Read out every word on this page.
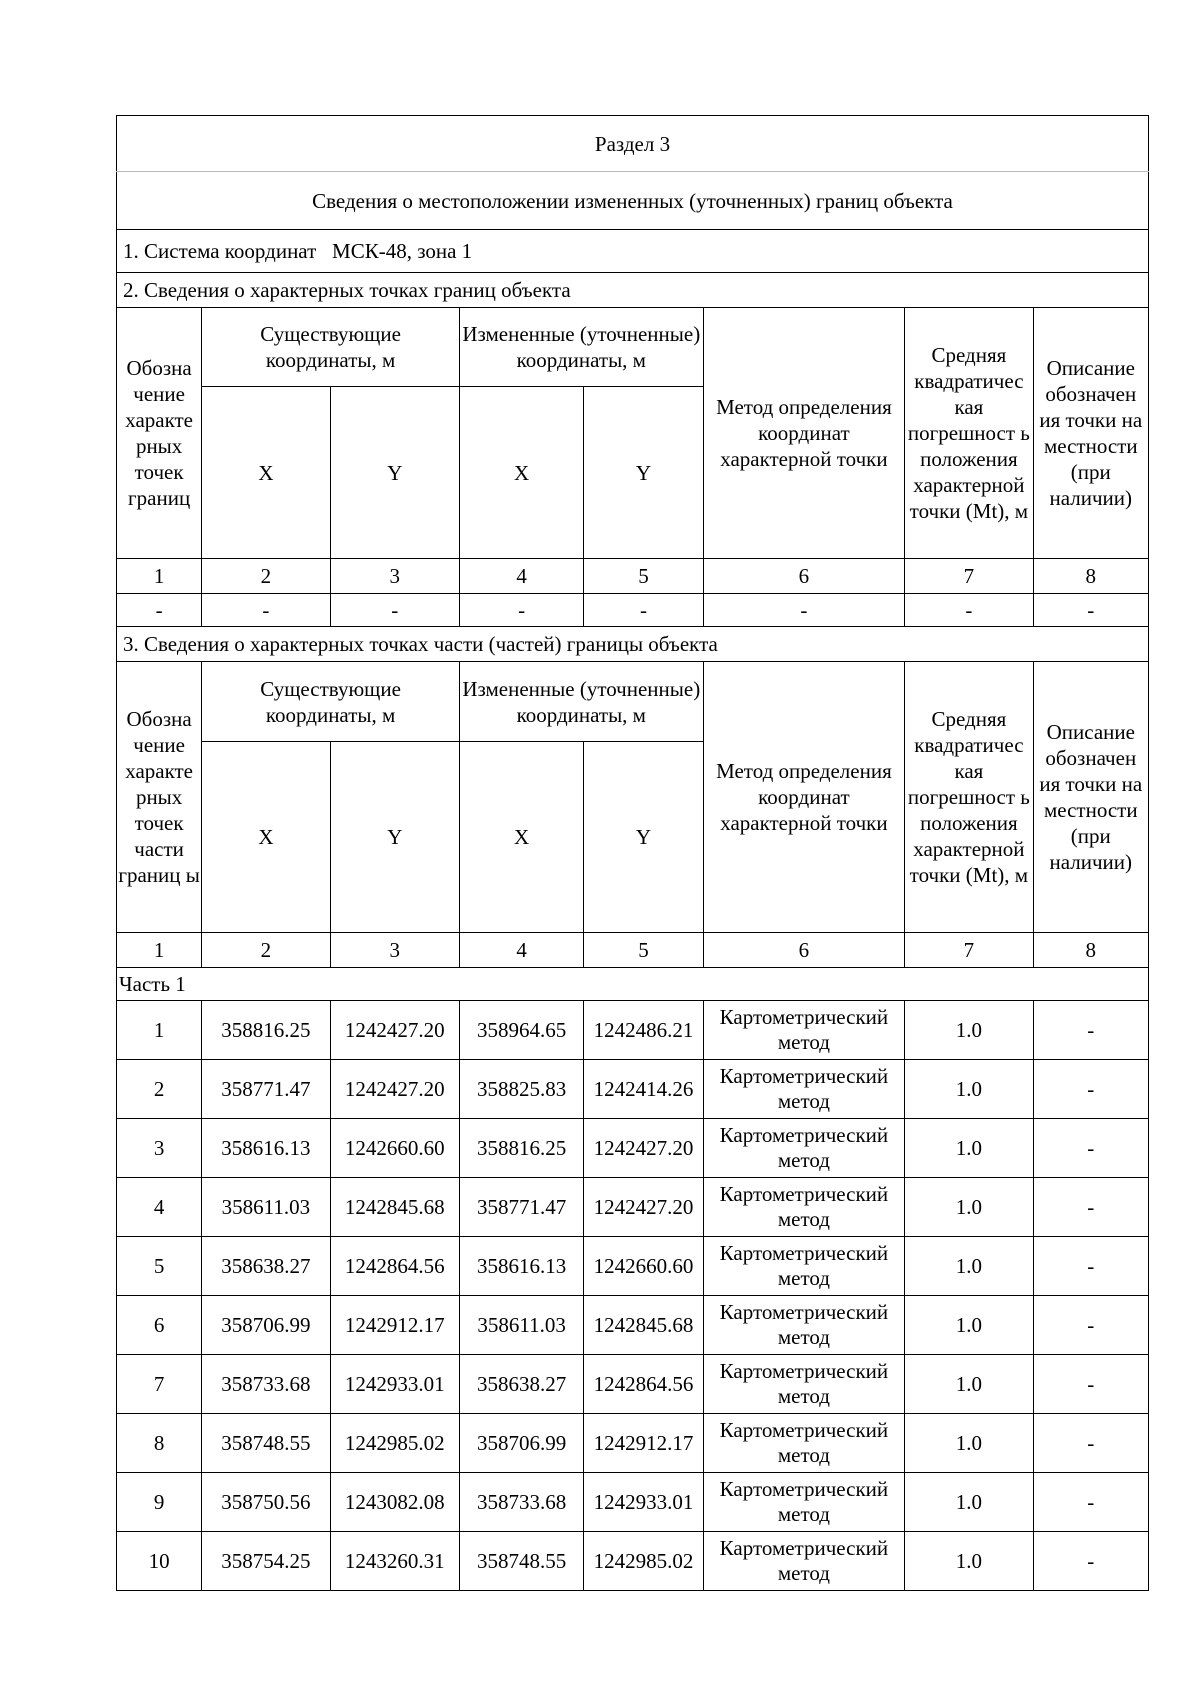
Раздел 3							
Сведения о местоположении измененных (уточненных) границ объекта							
1. Система координат МСК-48, зона 1							
2. Сведения о характерных точках границ объекта							
Обозна чение характе рных точек границ	Существующие координаты, м		Измененные (уточненные) координаты, м		Метод определения координат характерной точки	Средняя квадратичес кая погрешност ь положения характерной точки (Mt), м	Описание обозначен ия точки на местности (при наличии)
	X	Y	X	Y			
1	2	3	4	5	6	7	8
-	-	-	-	-	-	-	-
3. Сведения о характерных точках части (частей) границы объекта							
Обозна чение характе рных точек части границ ы	Существующие координаты, м		Измененные (уточненные) координаты, м		Метод определения координат характерной точки	Средняя квадратичес кая погрешност ь положения характерной точки (Mt), м	Описание обозначен ия точки на местности (при наличии)
	X	Y	X	Y			
1	2	3	4	5	6	7	8
Часть 1							
1	358816.25	1242427.20	358964.65	1242486.21	Картометрический метод	1.0	-
2	358771.47	1242427.20	358825.83	1242414.26	Картометрический метод	1.0	-
3	358616.13	1242660.60	358816.25	1242427.20	Картометрический метод	1.0	-
4	358611.03	1242845.68	358771.47	1242427.20	Картометрический метод	1.0	-
5	358638.27	1242864.56	358616.13	1242660.60	Картометрический метод	1.0	-
6	358706.99	1242912.17	358611.03	1242845.68	Картометрический метод	1.0	-
7	358733.68	1242933.01	358638.27	1242864.56	Картометрический метод	1.0	-
8	358748.55	1242985.02	358706.99	1242912.17	Картометрический метод	1.0	-
9	358750.56	1243082.08	358733.68	1242933.01	Картометрический метод	1.0	-
10	358754.25	1243260.31	358748.55	1242985.02	Картометрический метод	1.0	-
